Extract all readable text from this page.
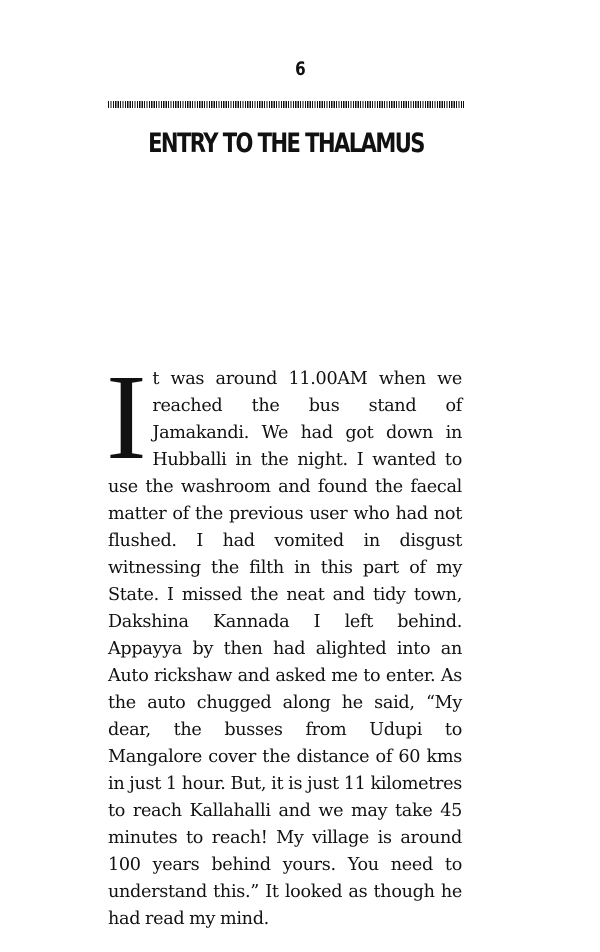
6
ENTRY TO THE THALAMUS

It was around 11.00AM when we reached the bus stand of Jamakandi. We had got down in Hubballi in the night. I wanted to use the washroom and found the faecal matter of the previous user who had not flushed. I had vomited in disgust witnessing the filth in this part of my State. I missed the neat and tidy town, Dakshina Kannada I left behind. Appayya by then had alighted into an Auto rickshaw and asked me to enter. As the auto chugged along he said, “My dear, the busses from Udupi to Mangalore cover the distance of 60 kms in just 1 hour. But, it is just 11 kilometres to reach Kallahalli and we may take 45 minutes to reach! My village is around 100 years behind yours. You need to understand this.” It looked as though he had read my mind.
